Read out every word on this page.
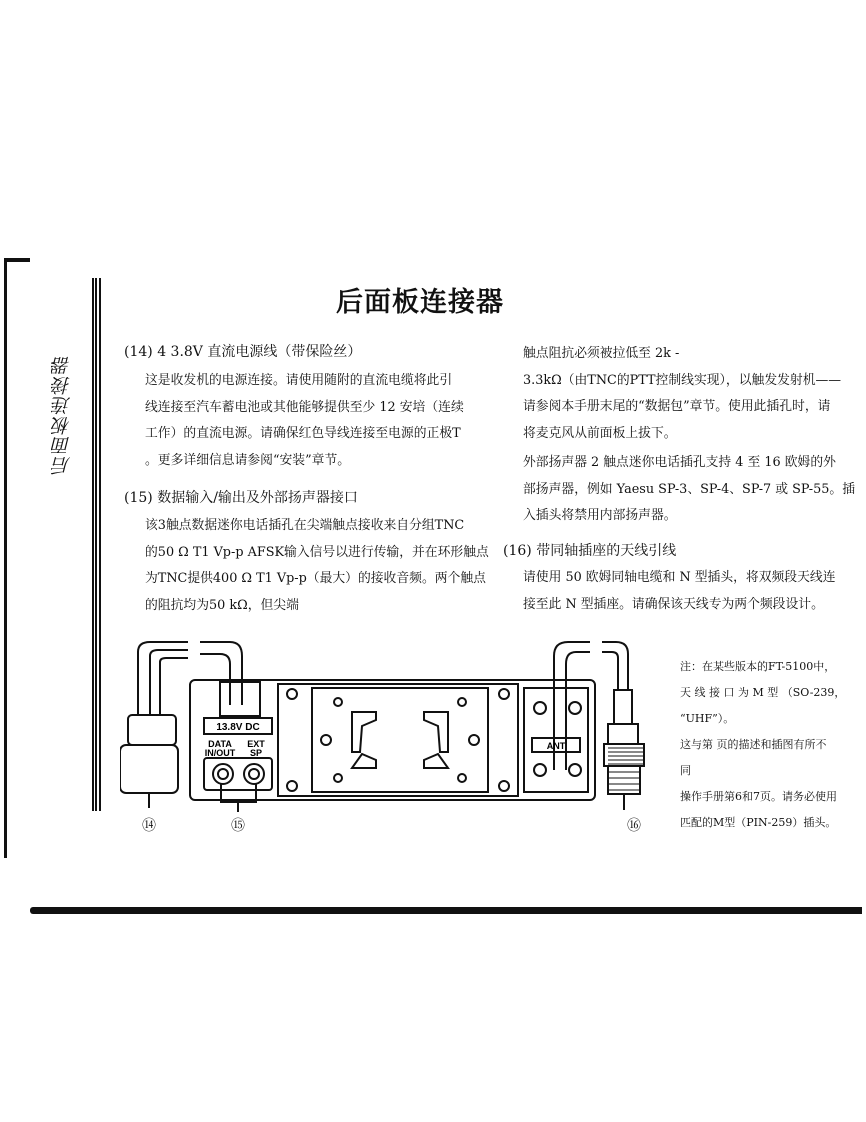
后面板连接器
后面板连接器
(14) 4 3.8V 直流电源线（带保险丝）
这是收发机的电源连接。请使用随附的直流电缆将此引
线连接至汽车蓄电池或其他能够提供至少 12 安培（连续
工作）的直流电源。请确保红色导线连接至电源的正极T
。更多详细信息请参阅“安装”章节。
(15) 数据输入/输出及外部扬声器接口
该3触点数据迷你电话插孔在尖端触点接收来自分组TNC
的50 Ω T1 Vp-p AFSK输入信号以进行传输，并在环形触点
为TNC提供400 Ω T1 Vp-p（最大）的接收音频。两个触点
的阻抗均为50 kΩ，但尖端
触点阻抗必须被拉低至 2k -
3.3kΩ（由TNC的PTT控制线实现），以触发发射机——
请参阅本手册末尾的“数据包”章节。使用此插孔时，请
将麦克风从前面板上拔下。
外部扬声器 2 触点迷你电话插孔支持 4 至 16 欧姆的外
部扬声器，例如 Yaesu SP-3、SP-4、SP-7 或 SP-55。插
入插头将禁用内部扬声器。
(16) 带同轴插座的天线引线
请使用 50 欧姆同轴电缆和 N 型插头，将双频段天线连
接至此 N 型插座。请确保该天线专为两个频段设计。
13.8V DC
DATA
IN/OUT
EXT
SP
ANT
⑭	⑮	⑯
注：在某些版本的FT-5100中，
天 线 接 口 为 M 型 （SO-239，
“UHF”）。
这与第 页的描述和插图有所不
同
操作手册第6和7页。请务必使用
匹配的M型（PIN-259）插头。
